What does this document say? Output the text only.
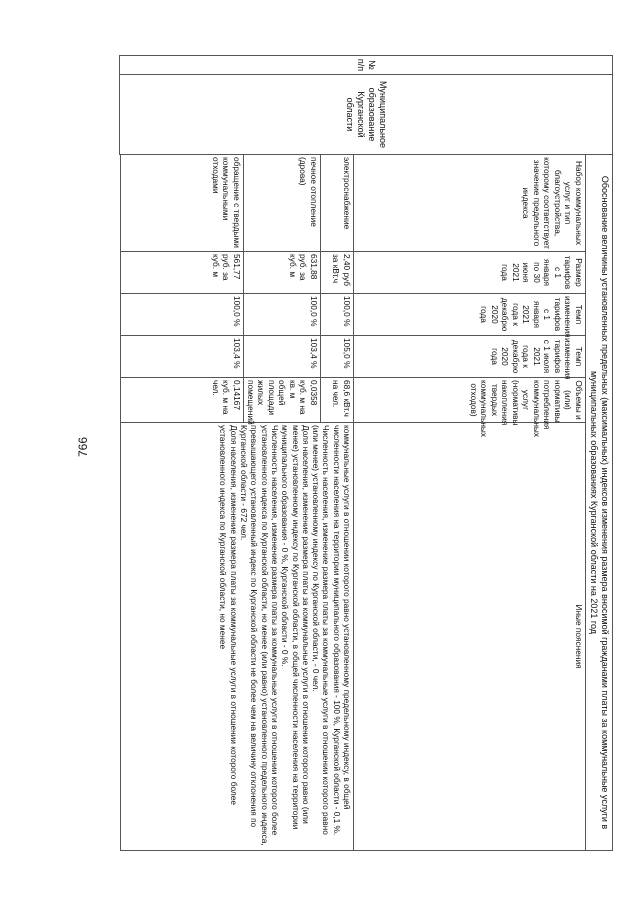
766
№ п/п	Муниципальное образование Курганской области	Обоснование величины установленных предельных (максимальных) индексов изменения размера вносимой гражданами платы за коммунальные услуги в муниципальных образованиях Курганской области на 2021 год					
		Набор коммунальных услуг и тип благоустройства, которому соответствует значение предельного индекса	Размер тарифов с 1 января по 30 июня 2021 года	Темп изменения тарифов с 1 января 2021 года к декабрю 2020 года	Темп изменения тарифов с 1 июля 2021 года к декабрю 2020 года	Объемы и (или) нормативы потребления коммунальных услуг (нормативы накопления твердых коммунальных отходов)	Иные пояснения
		электроснабжение	2,40 руб за кВт.ч	100,0 %	105,0 %	68,6 кВт.ч на чел.	коммунальные услуги в отношении которого равно установленному предельному индексу, в общей численности населения на территории муниципального образования - 100 %, Курганской области - 0,1 %.
Численность населения, изменение размера платы за коммунальные услуги в отношении которого равно (или менее) установленному индексу по Курганской области, - 0 чел.
Доля населения, изменение размера платы за коммунальные услуги в отношении которого равно (или менее) установленному индексу по Курганской области, в общей численности населения на территории муниципального образования - 0 %, Курганской области - 0 %.
Численность населения, изменение размера платы за коммунальные услуги в отношении которого более установленного индекса по Курганской области, но менее (или равно) установленного предельного индекса, превышающего установленный индекс по Курганской области не более чем на величину отклонения по Курганской области - 672 чел.
Доля населения, изменение размера платы за коммунальные услуги в отношении которого более установленного индекса по Курганской области, но менее

		печное отопление (дрова)	631,88 руб. за куб. м	100,0 %	103,4 %	0,0358 куб. м на кв. м общей площади жилых помещений	
		обращение с твердыми коммунальными отходами	561,77 руб. за куб. м	100,0 %	103,4 %	0,14167 куб. м на чел.	
